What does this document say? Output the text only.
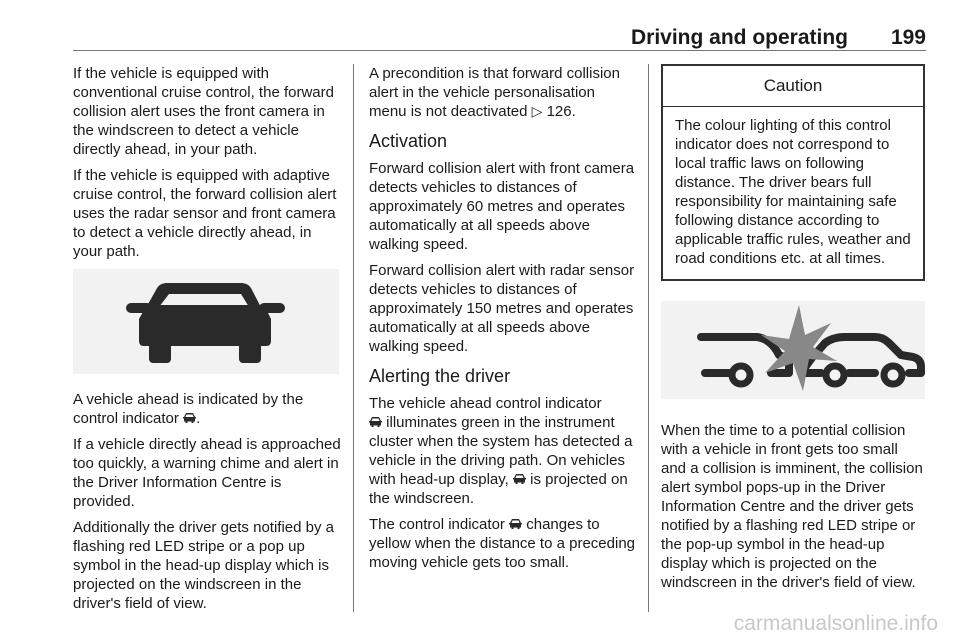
Driving and operating	199

If the vehicle is equipped with conventional cruise control, the forward collision alert uses the front camera in the windscreen to detect a vehicle directly ahead, in your path.

If the vehicle is equipped with adaptive cruise control, the forward collision alert uses the radar sensor and front camera to detect a vehicle directly ahead, in your path.

A vehicle ahead is indicated by the control indicator .

If a vehicle directly ahead is approached too quickly, a warning chime and alert in the Driver Information Centre is provided.

Additionally the driver gets notified by a flashing red LED stripe or a pop up symbol in the head-up display which is projected on the windscreen in the driver's field of view.

A precondition is that forward collision alert in the vehicle personalisation menu is not deactivated ▷ 126.

Activation

Forward collision alert with front camera detects vehicles to distances of approximately 60 metres and operates automatically at all speeds above walking speed.

Forward collision alert with radar sensor detects vehicles to distances of approximately 150 metres and operates automatically at all speeds above walking speed.

Alerting the driver

The vehicle ahead control indicator
illuminates green in the instrument cluster when the system has detected a vehicle in the driving path. On vehicles with head-up display,  is projected on the windscreen.

The control indicator  changes to yellow when the distance to a preceding moving vehicle gets too small.

Caution
The colour lighting of this control indicator does not correspond to local traffic laws on following distance. The driver bears full responsibility for maintaining safe following distance according to applicable traffic rules, weather and road conditions etc. at all times.

When the time to a potential collision with a vehicle in front gets too small and a collision is imminent, the collision alert symbol pops-up in the Driver Information Centre and the driver gets notified by a flashing red LED stripe or the pop-up symbol in the head-up display which is projected on the windscreen in the driver's field of view.

carmanualsonline.info
